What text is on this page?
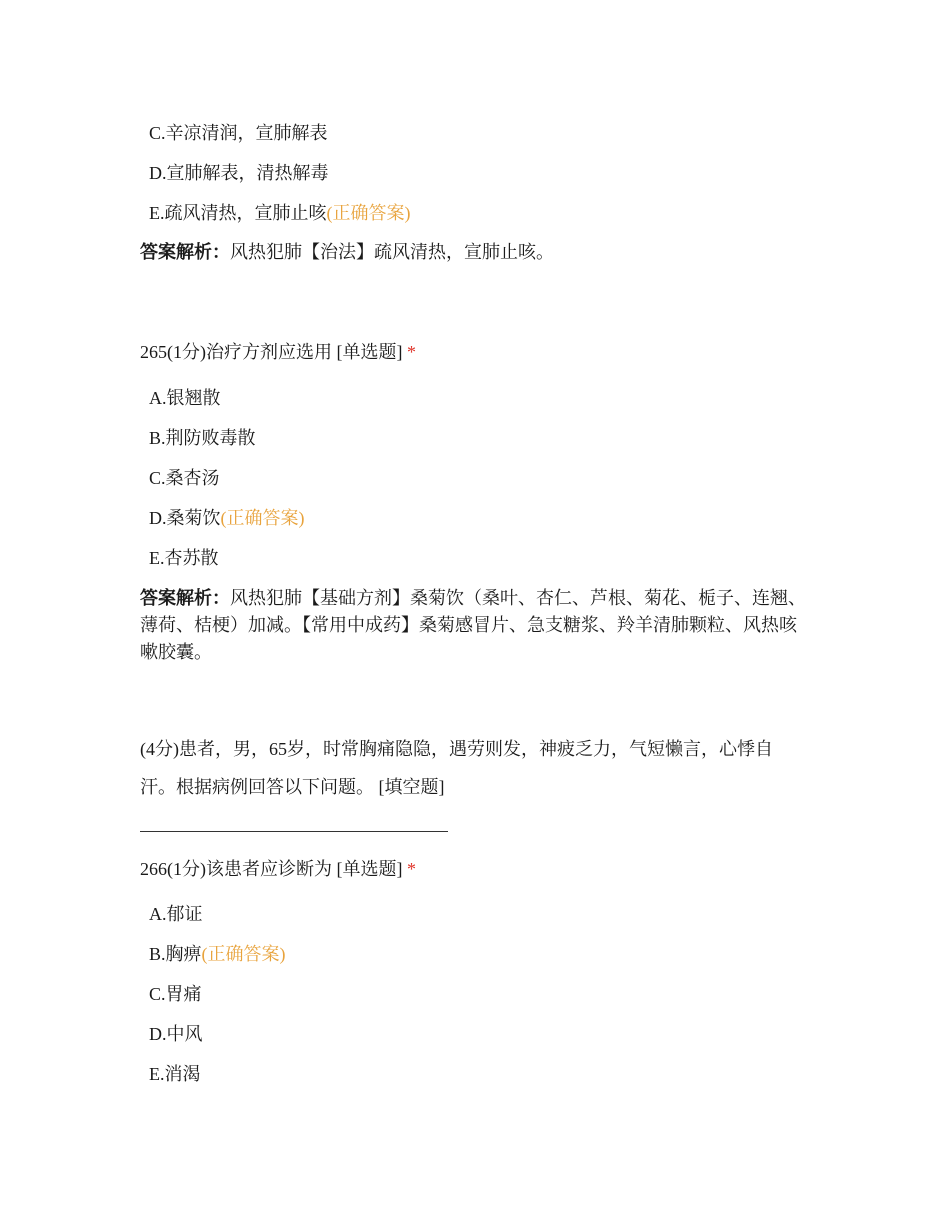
C.辛凉清润，宣肺解表
D.宣肺解表，清热解毒
E.疏风清热，宣肺止咳(正确答案)
答案解析：风热犯肺【治法】疏风清热，宣肺止咳。
265(1分)治疗方剂应选用 [单选题] *
A.银翘散
B.荆防败毒散
C.桑杏汤
D.桑菊饮(正确答案)
E.杏苏散
答案解析：风热犯肺【基础方剂】桑菊饮（桑叶、杏仁、芦根、菊花、栀子、连翘、薄荷、桔梗）加减。【常用中成药】桑菊感冒片、急支糖浆、羚羊清肺颗粒、风热咳嗽胶囊。
(4分)患者，男，65岁，时常胸痛隐隐，遇劳则发，神疲乏力，气短懒言，心悸自汗。根据病例回答以下问题。 [填空题]
266(1分)该患者应诊断为 [单选题] *
A.郁证
B.胸痹(正确答案)
C.胃痛
D.中风
E.消渴
